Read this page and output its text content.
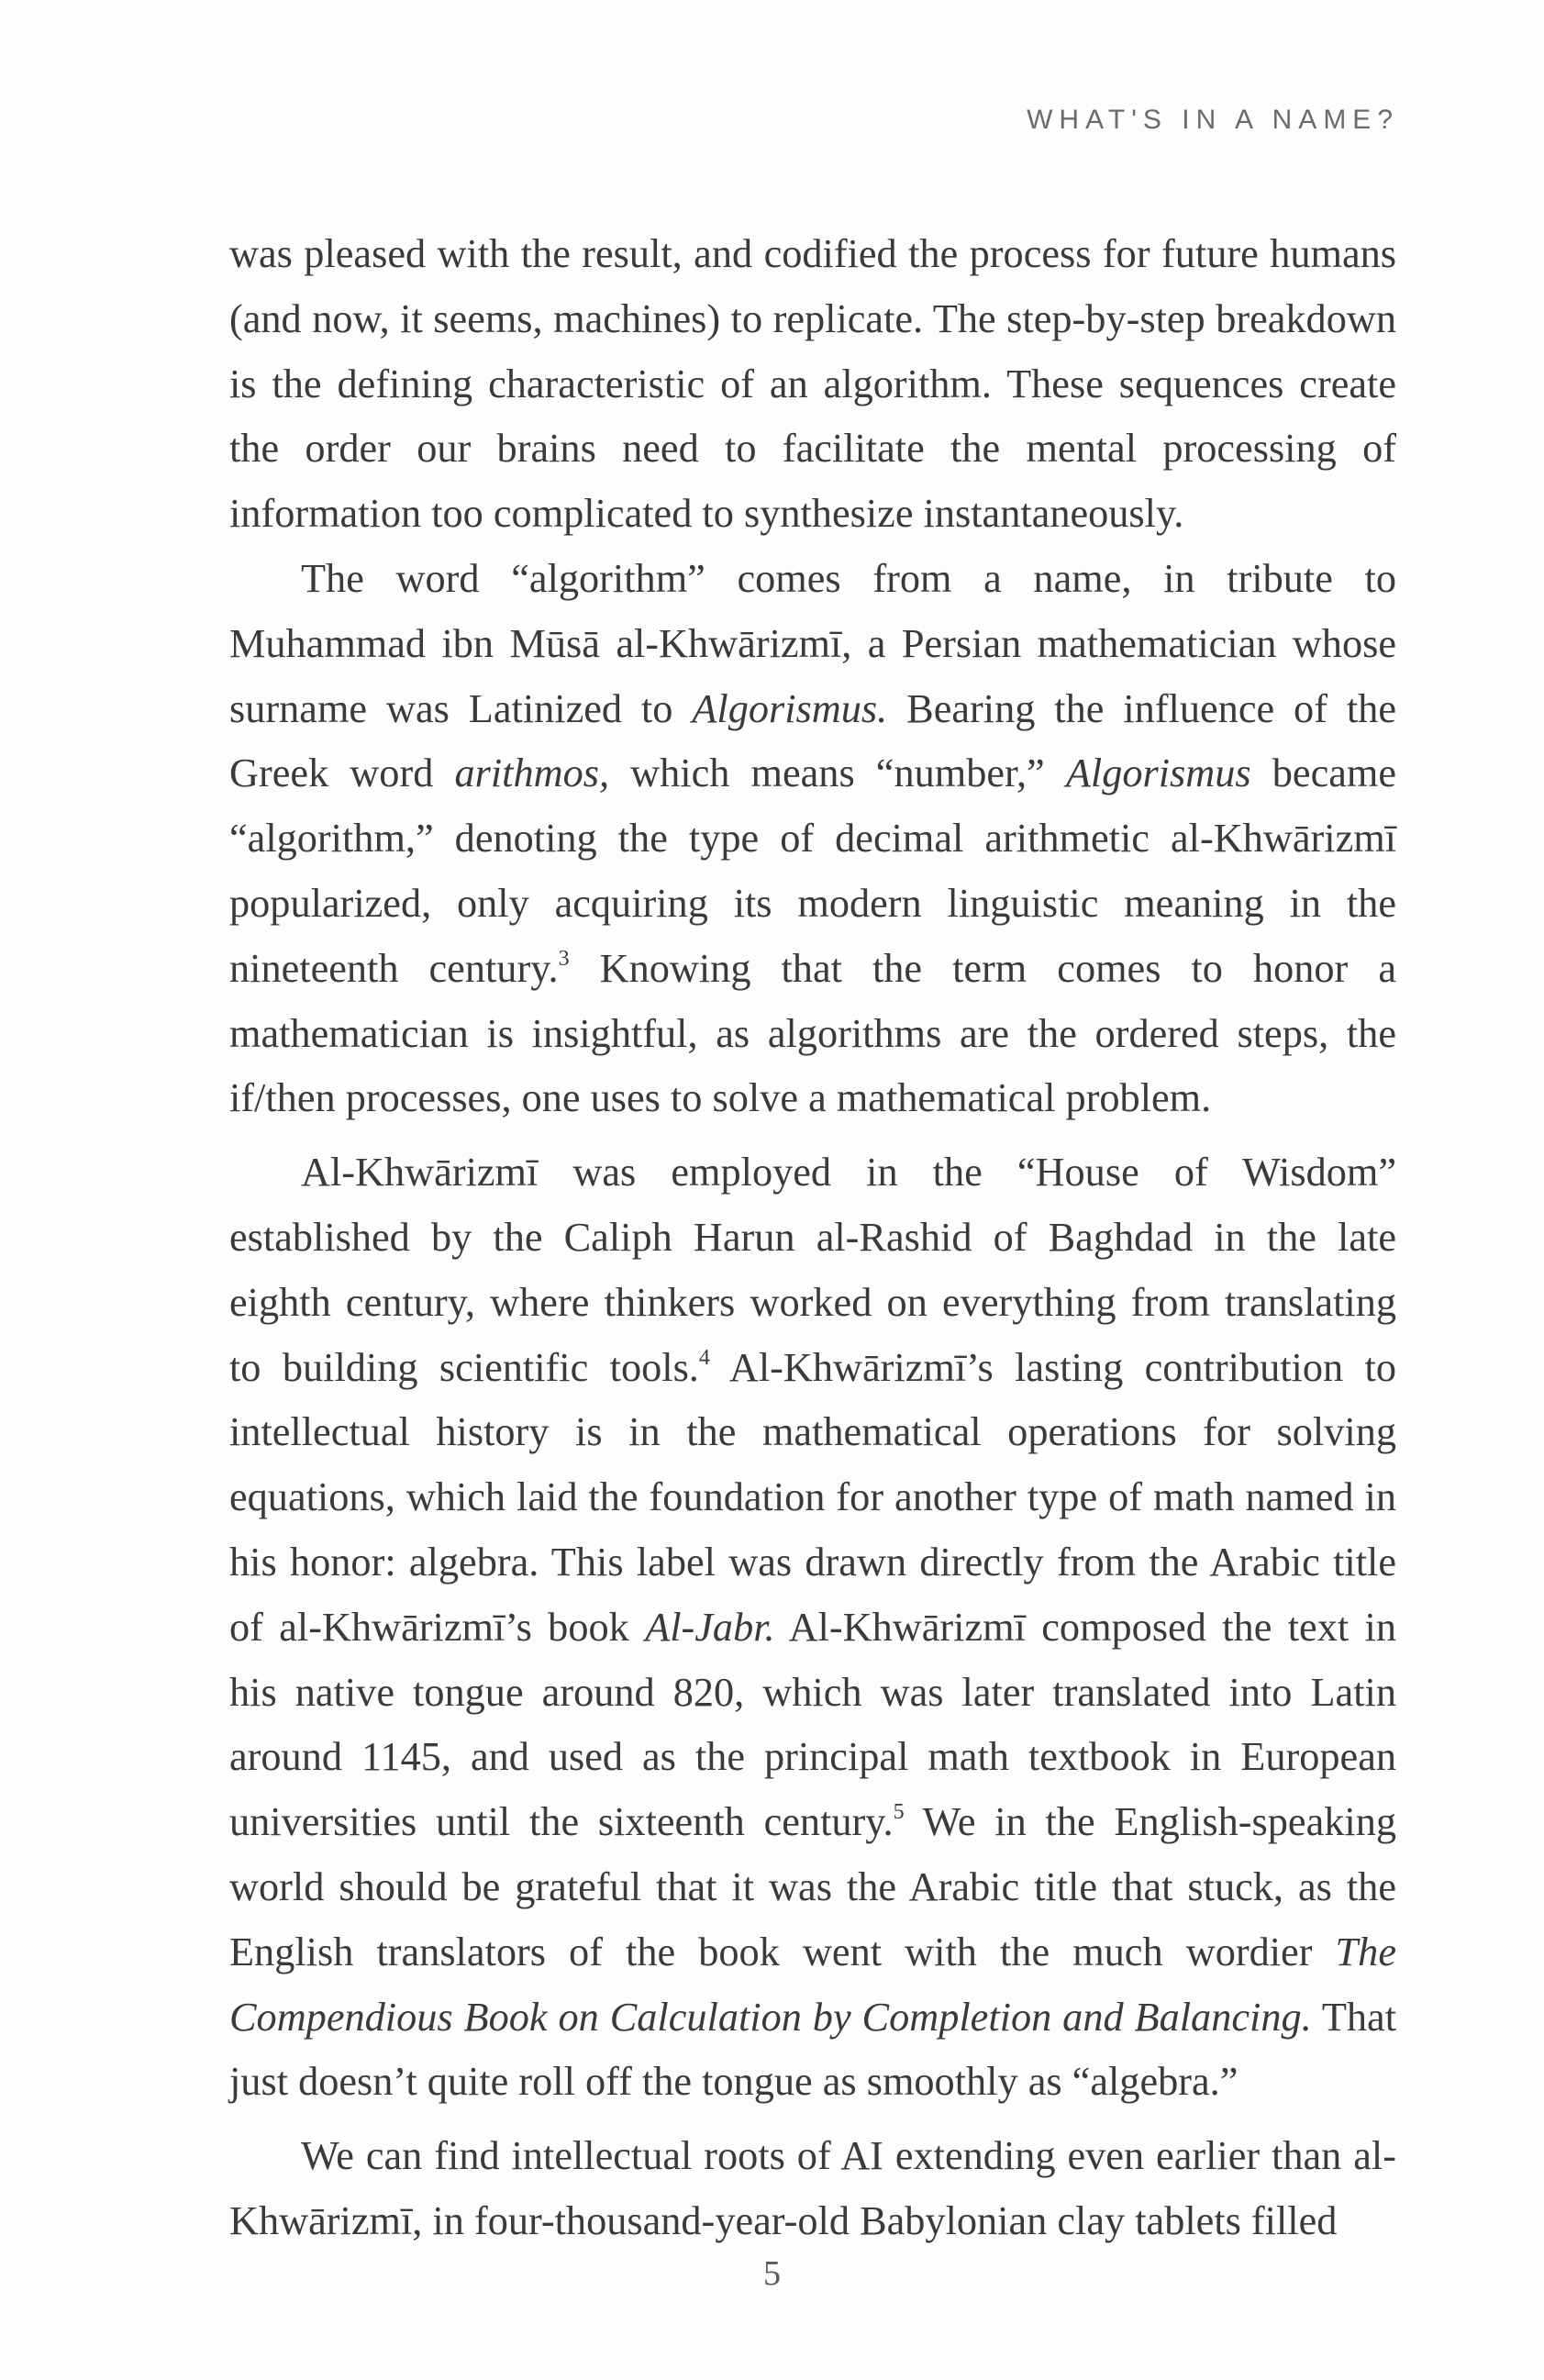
WHAT'S IN A NAME?

was pleased with the result, and codified the process for future humans (and now, it seems, machines) to replicate. The step-by-step breakdown is the defining characteristic of an algorithm. These sequences create the order our brains need to facilitate the mental processing of information too complicated to synthesize instantaneously.

The word “algorithm” comes from a name, in tribute to Muhammad ibn Mūsā al-Khwārizmī, a Persian mathematician whose surname was Latinized to Algorismus. Bearing the influence of the Greek word arithmos, which means “number,” Algorismus became “algorithm,” denoting the type of decimal arithmetic al-Khwārizmī popularized, only acquiring its modern linguistic meaning in the nineteenth century.$^3$ Knowing that the term comes to honor a mathematician is insightful, as algorithms are the ordered steps, the if/then processes, one uses to solve a mathematical problem.

Al-Khwārizmī was employed in the “House of Wisdom” established by the Caliph Harun al-Rashid of Baghdad in the late eighth century, where thinkers worked on everything from translating to building scientific tools.$^4$ Al-Khwārizmī’s lasting contribution to intellectual history is in the mathematical operations for solving equations, which laid the foundation for another type of math named in his honor: algebra. This label was drawn directly from the Arabic title of al-Khwārizmī’s book Al-Jabr. Al-Khwārizmī composed the text in his native tongue around 820, which was later translated into Latin around 1145, and used as the principal math textbook in European universities until the sixteenth century.$^5$ We in the English-speaking world should be grateful that it was the Arabic title that stuck, as the English translators of the book went with the much wordier The Compendious Book on Calculation by Completion and Balancing. That just doesn’t quite roll off the tongue as smoothly as “algebra.”

We can find intellectual roots of AI extending even earlier than al-Khwārizmī, in four-thousand-year-old Babylonian clay tablets filled

5
